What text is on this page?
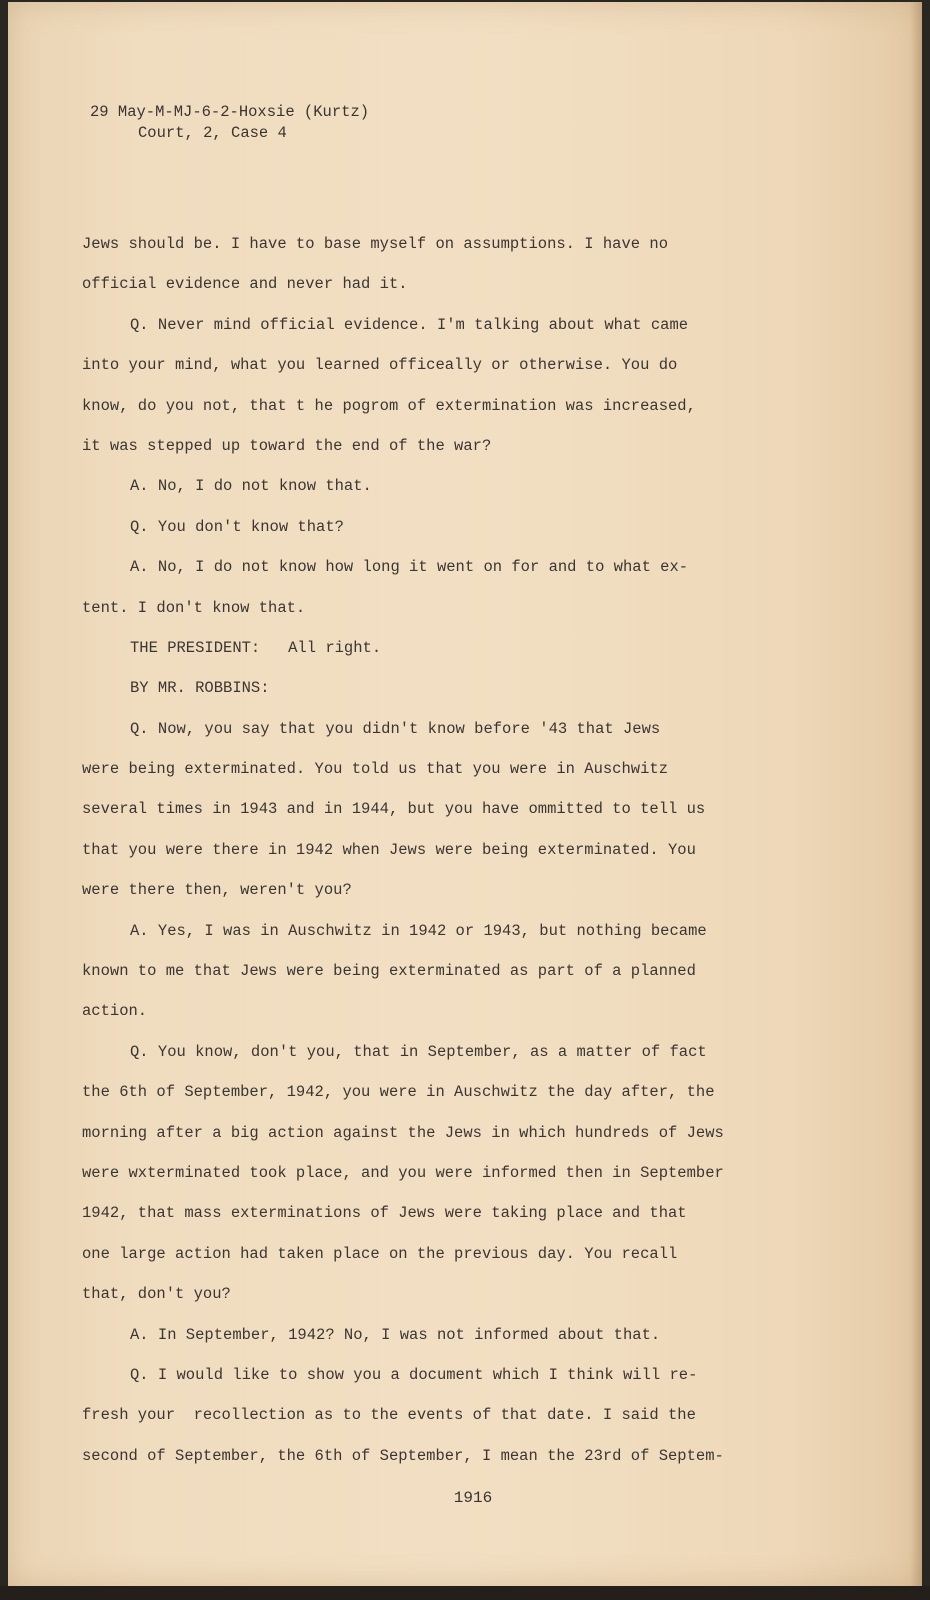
29 May-M-MJ-6-2-Hoxsie (Kurtz)
Court, 2, Case 4
Jews should be. I have to base myself on assumptions. I have no
official evidence and never had it.
Q. Never mind official evidence. I'm talking about what came
into your mind, what you learned officeally or otherwise. You do
know, do you not, that t he pogrom of extermination was increased,
it was stepped up toward the end of the war?
A. No, I do not know that.
Q. You don't know that?
A. No, I do not know how long it went on for and to what ex-
tent. I don't know that.
THE PRESIDENT:   All right.
BY MR. ROBBINS:
Q. Now, you say that you didn't know before '43 that Jews
were being exterminated. You told us that you were in Auschwitz
several times in 1943 and in 1944, but you have ommitted to tell us
that you were there in 1942 when Jews were being exterminated. You
were there then, weren't you?
A. Yes, I was in Auschwitz in 1942 or 1943, but nothing became
known to me that Jews were being exterminated as part of a planned
action.
Q. You know, don't you, that in September, as a matter of fact
the 6th of September, 1942, you were in Auschwitz the day after, the
morning after a big action against the Jews in which hundreds of Jews
were wxterminated took place, and you were informed then in September
1942, that mass exterminations of Jews were taking place and that
one large action had taken place on the previous day. You recall
that, don't you?
A. In September, 1942? No, I was not informed about that.
Q. I would like to show you a document which I think will re-
fresh your  recollection as to the events of that date. I said the
second of September, the 6th of September, I mean the 23rd of Septem-
1916
